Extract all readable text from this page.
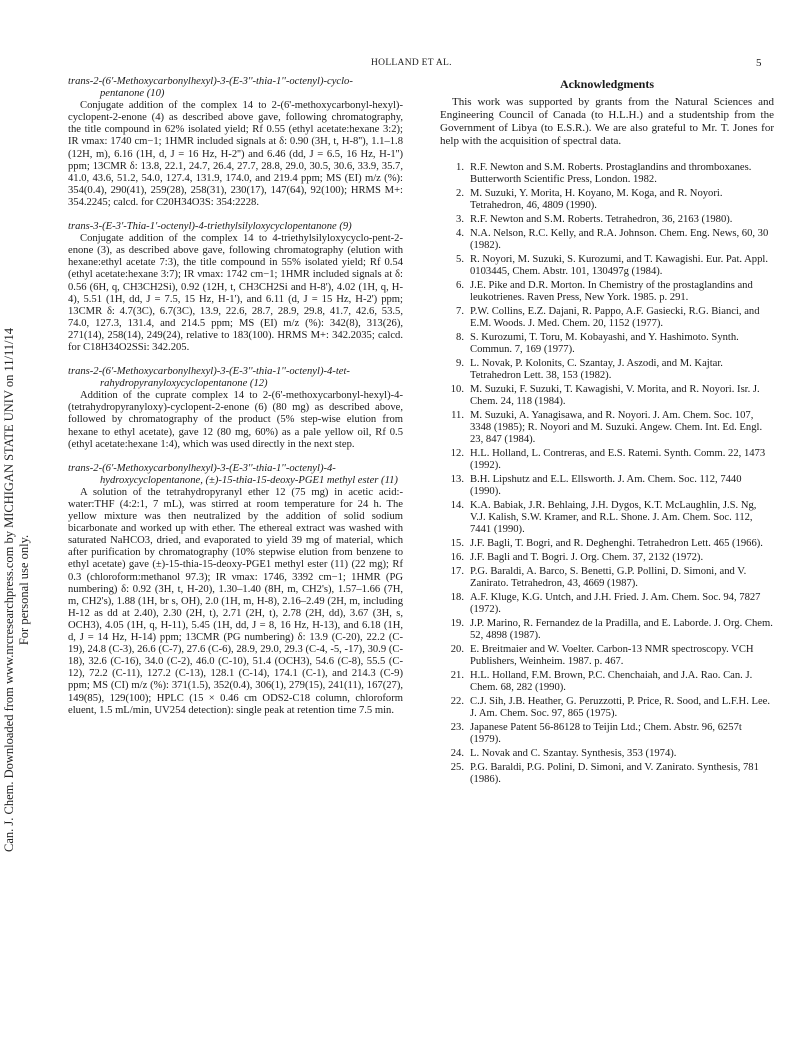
Can. J. Chem. Downloaded from www.nrcresearchpress.com by MICHIGAN STATE UNIV on 11/11/14 For personal use only.
HOLLAND ET AL.	5

trans-2-(6'-Methoxycarbonylhexyl)-3-(E-3''-thia-1''-octenyl)-cyclo-
pentanone (10)

Conjugate addition of the complex 14 to 2-(6'-methoxycarbonyl-hexyl)-cyclopent-2-enone (4) as described above gave, following chromatography, the title compound in 62% isolated yield; Rf 0.55 (ethyl acetate:hexane 3:2); IR νmax: 1740 cm−1; 1HMR included signals at δ: 0.90 (3H, t, H-8''), 1.1–1.8 (12H, m), 6.16 (1H, d, J = 16 Hz, H-2'') and 6.46 (dd, J = 6.5, 16 Hz, H-1'') ppm; 13CMR δ: 13.8, 22.1, 24.7, 26.4, 27.7, 28.8, 29.0, 30.5, 30.6, 33.9, 35.7, 41.0, 43.6, 51.2, 54.0, 127.4, 131.9, 174.0, and 219.4 ppm; MS (EI) m/z (%): 354(0.4), 290(41), 259(28), 258(31), 230(17), 147(64), 92(100); HRMS M+: 354.2245; calcd. for C20H34O3S: 354:2228.

trans-3-(E-3'-Thia-1'-octenyl)-4-triethylsilyloxycyclopentanone (9)

Conjugate addition of the complex 14 to 4-triethylsilyloxycyclo-pent-2-enone (3), as described above gave, following chromatography (elution with hexane:ethyl acetate 7:3), the title compound in 55% isolated yield; Rf 0.54 (ethyl acetate:hexane 3:7); IR νmax: 1742 cm−1; 1HMR included signals at δ: 0.56 (6H, q, CH3CH2Si), 0.92 (12H, t, CH3CH2Si and H-8'), 4.02 (1H, q, H-4), 5.51 (1H, dd, J = 7.5, 15 Hz, H-1'), and 6.11 (d, J = 15 Hz, H-2') ppm; 13CMR δ: 4.7(3C), 6.7(3C), 13.9, 22.6, 28.7, 28.9, 29.8, 41.7, 42.6, 53.5, 74.0, 127.3, 131.4, and 214.5 ppm; MS (EI) m/z (%): 342(8), 313(26), 271(14), 258(14), 249(24), relative to 183(100). HRMS M+: 342.2035; calcd. for C18H34O2SSi: 342.205.

trans-2-(6'-Methoxycarbonylhexyl)-3-(E-3''-thia-1''-octenyl)-4-tet-
rahydropyranyloxycyclopentanone (12)

Addition of the cuprate complex 14 to 2-(6'-methoxycarbonyl-hexyl)-4-(tetrahydropyranyloxy)-cyclopent-2-enone (6) (80 mg) as described above, followed by chromatography of the product (5% step-wise elution from hexane to ethyl acetate), gave 12 (80 mg, 60%) as a pale yellow oil, Rf 0.5 (ethyl acetate:hexane 1:4), which was used directly in the next step.

trans-2-(6'-Methoxycarbonylhexyl)-3-(E-3''-thia-1''-octenyl)-4-
hydroxycyclopentanone, (±)-15-thia-15-deoxy-PGE1 methyl ester (11)

A solution of the tetrahydropyranyl ether 12 (75 mg) in acetic acid:-water:THF (4:2:1, 7 mL), was stirred at room temperature for 24 h. The yellow mixture was then neutralized by the addition of solid sodium bicarbonate and worked up with ether. The ethereal extract was washed with saturated NaHCO3, dried, and evaporated to yield 39 mg of material, which after purification by chromatography (10% stepwise elution from benzene to ethyl acetate) gave (±)-15-thia-15-deoxy-PGE1 methyl ester (11) (22 mg); Rf 0.3 (chloroform:methanol 97.3); IR νmax: 1746, 3392 cm−1; 1HMR (PG numbering) δ: 0.92 (3H, t, H-20), 1.30–1.40 (8H, m, CH2's), 1.57–1.66 (7H, m, CH2's), 1.88 (1H, br s, OH), 2.0 (1H, m, H-8), 2.16–2.49 (2H, m, including H-12 as dd at 2.40), 2.30 (2H, t), 2.71 (2H, t), 2.78 (2H, dd), 3.67 (3H, s, OCH3), 4.05 (1H, q, H-11), 5.45 (1H, dd, J = 8, 16 Hz, H-13), and 6.18 (1H, d, J = 14 Hz, H-14) ppm; 13CMR (PG numbering) δ: 13.9 (C-20), 22.2 (C-19), 24.8 (C-3), 26.6 (C-7), 27.6 (C-6), 28.9, 29.0, 29.3 (C-4, -5, -17), 30.9 (C-18), 32.6 (C-16), 34.0 (C-2), 46.0 (C-10), 51.4 (OCH3), 54.6 (C-8), 55.5 (C-12), 72.2 (C-11), 127.2 (C-13), 128.1 (C-14), 174.1 (C-1), and 214.3 (C-9) ppm; MS (CI) m/z (%): 371(1.5), 352(0.4), 306(1), 279(15), 241(11), 167(27), 149(85), 129(100); HPLC (15 × 0.46 cm ODS2-C18 column, chloroform eluent, 1.5 mL/min, UV254 detection): single peak at retention time 7.5 min.

Acknowledgments

This work was supported by grants from the Natural Sciences and Engineering Council of Canada (to H.L.H.) and a studentship from the Government of Libya (to E.S.R.). We are also grateful to Mr. T. Jones for help with the acquisition of spectral data.

1. R.F. Newton and S.M. Roberts. Prostaglandins and thromboxanes. Butterworth Scientific Press, London. 1982.
2. M. Suzuki, Y. Morita, H. Koyano, M. Koga, and R. Noyori. Tetrahedron, 46, 4809 (1990).
3. R.F. Newton and S.M. Roberts. Tetrahedron, 36, 2163 (1980).
4. N.A. Nelson, R.C. Kelly, and R.A. Johnson. Chem. Eng. News, 60, 30 (1982).
5. R. Noyori, M. Suzuki, S. Kurozumi, and T. Kawagishi. Eur. Pat. Appl. 0103445, Chem. Abstr. 101, 130497g (1984).
6. J.E. Pike and D.R. Morton. In Chemistry of the prostaglandins and leukotrienes. Raven Press, New York. 1985. p. 291.
7. P.W. Collins, E.Z. Dajani, R. Pappo, A.F. Gasiecki, R.G. Bianci, and E.M. Woods. J. Med. Chem. 20, 1152 (1977).
8. S. Kurozumi, T. Toru, M. Kobayashi, and Y. Hashimoto. Synth. Commun. 7, 169 (1977).
9. L. Novak, P. Kolonits, C. Szantay, J. Aszodi, and M. Kajtar. Tetrahedron Lett. 38, 153 (1982).
10. M. Suzuki, F. Suzuki, T. Kawagishi, V. Morita, and R. Noyori. Isr. J. Chem. 24, 118 (1984).
11. M. Suzuki, A. Yanagisawa, and R. Noyori. J. Am. Chem. Soc. 107, 3348 (1985); R. Noyori and M. Suzuki. Angew. Chem. Int. Ed. Engl. 23, 847 (1984).
12. H.L. Holland, L. Contreras, and E.S. Ratemi. Synth. Comm. 22, 1473 (1992).
13. B.H. Lipshutz and E.L. Ellsworth. J. Am. Chem. Soc. 112, 7440 (1990).
14. K.A. Babiak, J.R. Behlaing, J.H. Dygos, K.T. McLaughlin, J.S. Ng, V.J. Kalish, S.W. Kramer, and R.L. Shone. J. Am. Chem. Soc. 112, 7441 (1990).
15. J.F. Bagli, T. Bogri, and R. Deghenghi. Tetrahedron Lett. 465 (1966).
16. J.F. Bagli and T. Bogri. J. Org. Chem. 37, 2132 (1972).
17. P.G. Baraldi, A. Barco, S. Benetti, G.P. Pollini, D. Simoni, and V. Zanirato. Tetrahedron, 43, 4669 (1987).
18. A.F. Kluge, K.G. Untch, and J.H. Fried. J. Am. Chem. Soc. 94, 7827 (1972).
19. J.P. Marino, R. Fernandez de la Pradilla, and E. Laborde. J. Org. Chem. 52, 4898 (1987).
20. E. Breitmaier and W. Voelter. Carbon-13 NMR spectroscopy. VCH Publishers, Weinheim. 1987. p. 467.
21. H.L. Holland, F.M. Brown, P.C. Chenchaiah, and J.A. Rao. Can. J. Chem. 68, 282 (1990).
22. C.J. Sih, J.B. Heather, G. Peruzzotti, P. Price, R. Sood, and L.F.H. Lee. J. Am. Chem. Soc. 97, 865 (1975).
23. Japanese Patent 56-86128 to Teijin Ltd.; Chem. Abstr. 96, 6257t (1979).
24. L. Novak and C. Szantay. Synthesis, 353 (1974).
25. P.G. Baraldi, P.G. Polini, D. Simoni, and V. Zanirato. Synthesis, 781 (1986).
